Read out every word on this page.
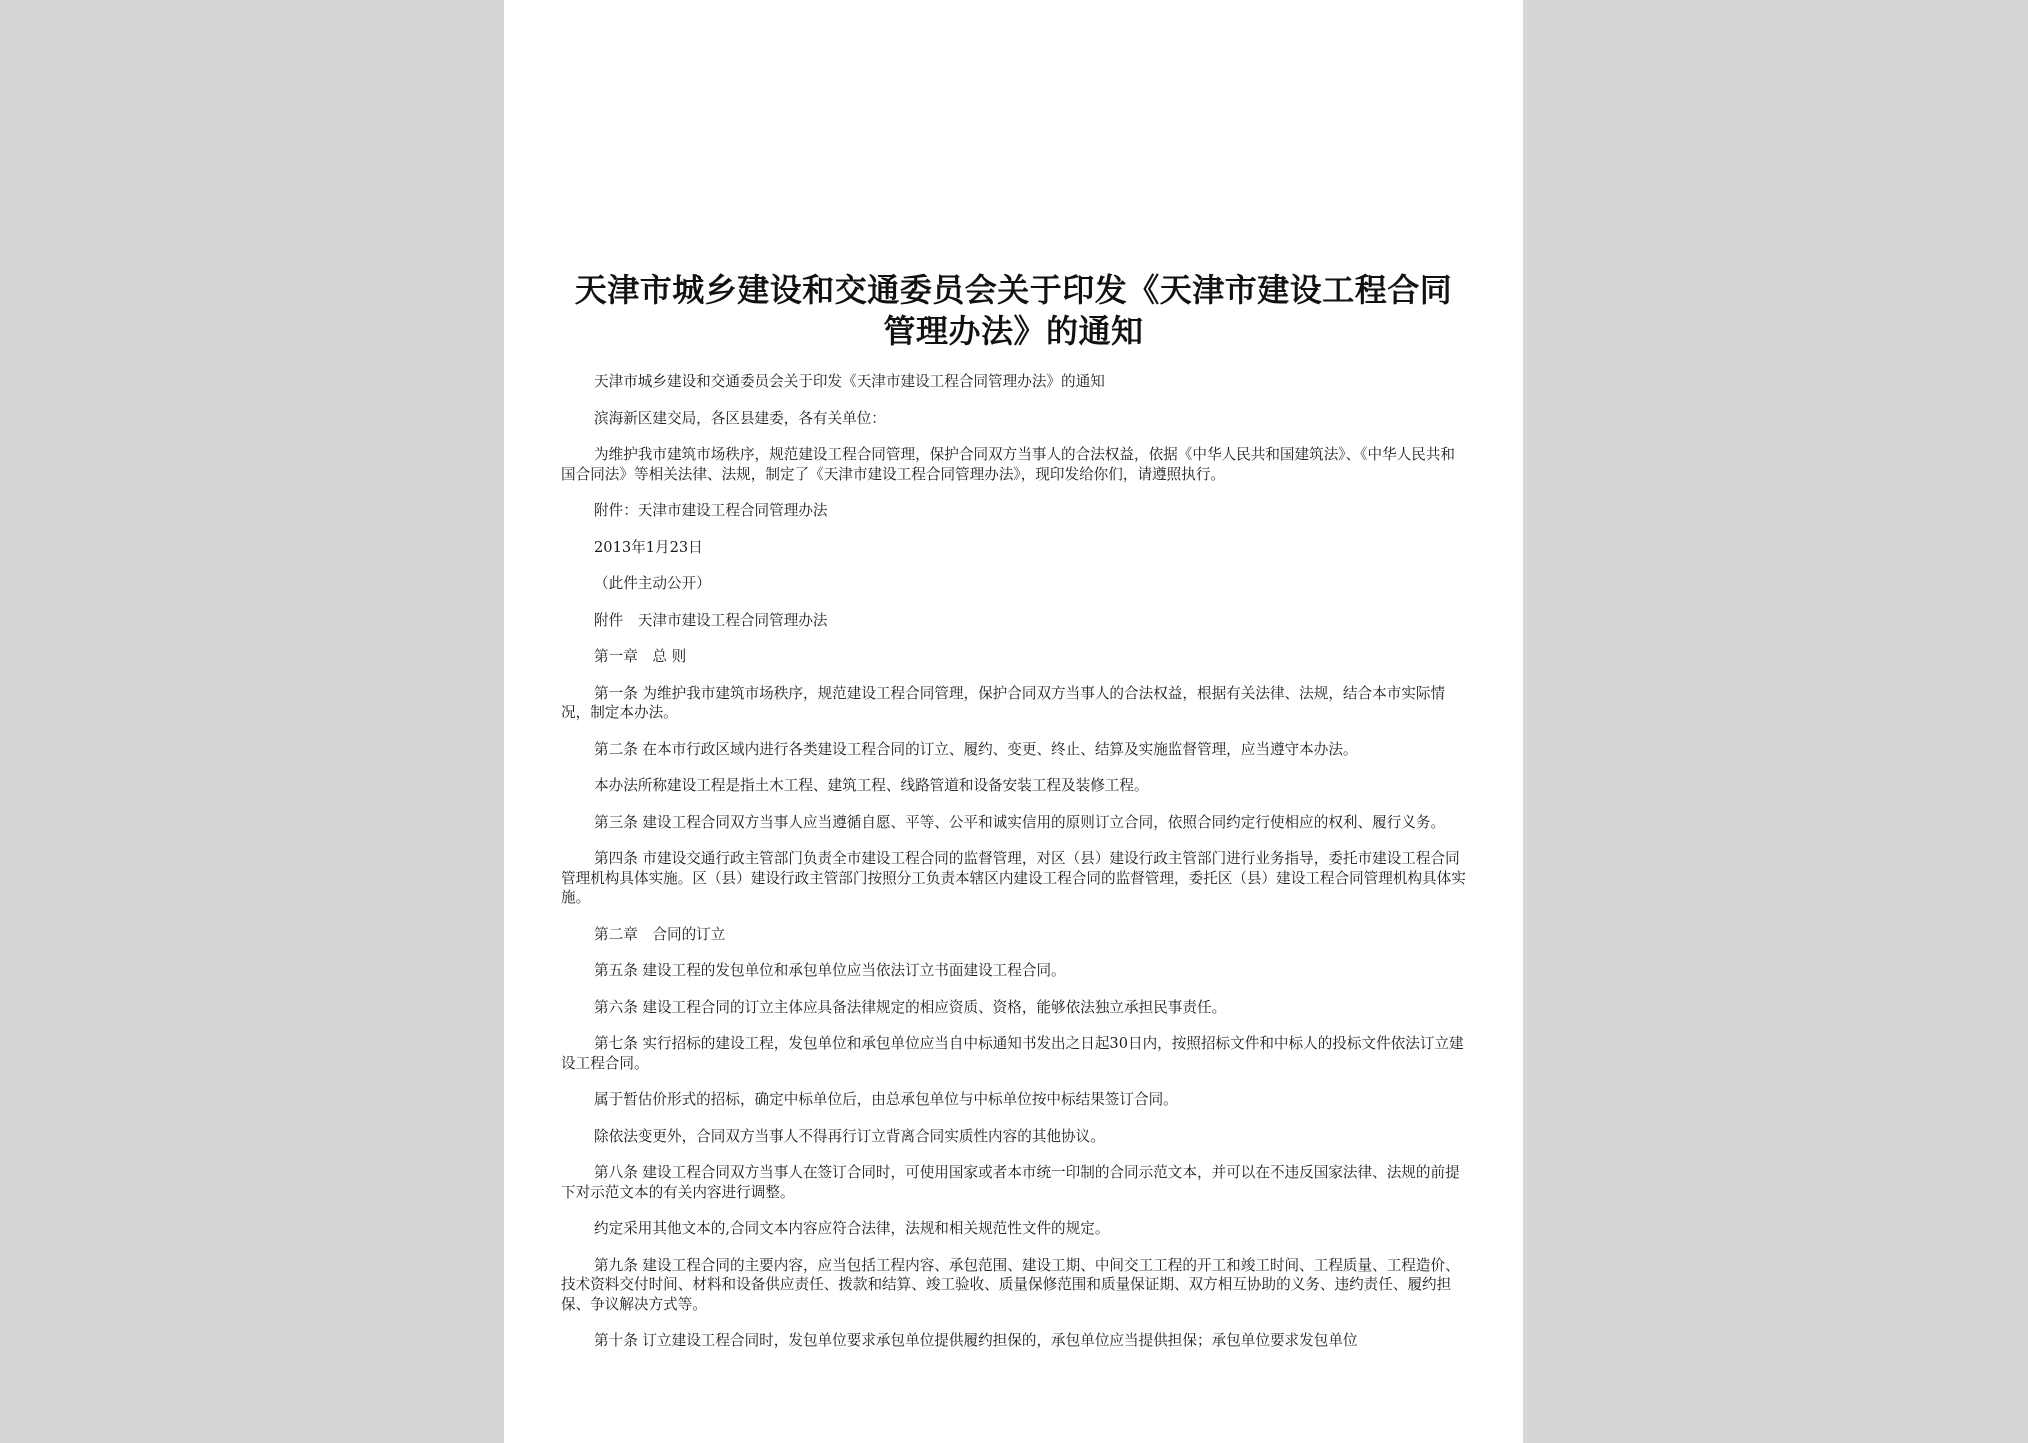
天津市城乡建设和交通委员会关于印发《天津市建设工程合同管理办法》的通知

天津市城乡建设和交通委员会关于印发《天津市建设工程合同管理办法》的通知

滨海新区建交局，各区县建委，各有关单位：

为维护我市建筑市场秩序，规范建设工程合同管理，保护合同双方当事人的合法权益，依据《中华人民共和国建筑法》、《中华人民共和国合同法》等相关法律、法规，制定了《天津市建设工程合同管理办法》，现印发给你们，请遵照执行。

附件：天津市建设工程合同管理办法

2013年1月23日

（此件主动公开）

附件　天津市建设工程合同管理办法

第一章　总 则

第一条 为维护我市建筑市场秩序，规范建设工程合同管理，保护合同双方当事人的合法权益，根据有关法律、法规，结合本市实际情况，制定本办法。

第二条 在本市行政区域内进行各类建设工程合同的订立、履约、变更、终止、结算及实施监督管理，应当遵守本办法。

本办法所称建设工程是指土木工程、建筑工程、线路管道和设备安装工程及装修工程。

第三条 建设工程合同双方当事人应当遵循自愿、平等、公平和诚实信用的原则订立合同，依照合同约定行使相应的权利、履行义务。

第四条 市建设交通行政主管部门负责全市建设工程合同的监督管理，对区（县）建设行政主管部门进行业务指导，委托市建设工程合同管理机构具体实施。区（县）建设行政主管部门按照分工负责本辖区内建设工程合同的监督管理，委托区（县）建设工程合同管理机构具体实施。

第二章　合同的订立

第五条 建设工程的发包单位和承包单位应当依法订立书面建设工程合同。

第六条 建设工程合同的订立主体应具备法律规定的相应资质、资格，能够依法独立承担民事责任。

第七条 实行招标的建设工程，发包单位和承包单位应当自中标通知书发出之日起30日内，按照招标文件和中标人的投标文件依法订立建设工程合同。

属于暂估价形式的招标，确定中标单位后，由总承包单位与中标单位按中标结果签订合同。

除依法变更外，合同双方当事人不得再行订立背离合同实质性内容的其他协议。

第八条 建设工程合同双方当事人在签订合同时，可使用国家或者本市统一印制的合同示范文本，并可以在不违反国家法律、法规的前提下对示范文本的有关内容进行调整。

约定采用其他文本的,合同文本内容应符合法律，法规和相关规范性文件的规定。

第九条 建设工程合同的主要内容，应当包括工程内容、承包范围、建设工期、中间交工工程的开工和竣工时间、工程质量、工程造价、技术资料交付时间、材料和设备供应责任、拨款和结算、竣工验收、质量保修范围和质量保证期、双方相互协助的义务、违约责任、履约担保、争议解决方式等。

第十条 订立建设工程合同时，发包单位要求承包单位提供履约担保的，承包单位应当提供担保；承包单位要求发包单位
